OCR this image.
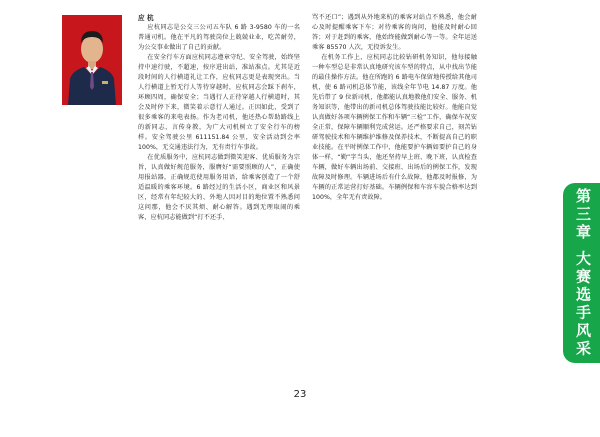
应 杭

应杭同志是公交三公司五车队 6 路 3-9580 车的一名普通司机。他在平凡的驾驶岗位上兢兢业业，吃苦耐劳，为公交事业做出了自己的贡献。

在安全行车方面应杭同志遵章守纪、安全驾驶，始终坚持中速行驶，不超速，按序进出站，准站准点。尤其是近段时间的人行横道礼让工作，应杭同志更是表现突出。当人行横道上暂无行人等待穿越时，应杭同志会踩下刹车，环顾四周，确保安全；当遇行人正待穿越人行横道时，其会及时停下来，微笑着示意行人通过。正因如此，受到了很多乘客的来电表扬。作为老司机，他还热心帮助路线上的新同志，言传身教，为广大司机树立了安全行车的榜样。安全驾驶公里 611151.84 公里，安全活动到会率 100%，无交通违法行为，无有责行车事故。

在优质服务中，应杭同志做到微笑迎客、优质服务为宗旨，认真做好规范服务，服膺好“需要照顾的人”，正确使用报站器，正确规范使用服务用语，给乘客创造了一个舒适温暖的乘客环境。6 路经过的生活小区，商业区和风景区，经常有年纪较大的、外地人因对目的地位置不熟悉问这问那，他会不厌其烦、耐心解答。遇到无理取闹的乘客，应杭同志能做到“打不还手、

骂不还口”；遇到从外地来杭的乘客对站点不熟悉，他会耐心及时提醒乘客下车；对待乘客的询问，他能及时耐心回答；对于赶到的乘客，他始终能做到耐心等一等。全年运送乘客 85570 人次，无投诉发生。

在机务工作上，应杭同志比较钻研机务知识，他每接触一种车型总是非常认真地研究该车型的特点，从中找出节能的最佳操作方法。他在所跑的 6 路电车保留地传授给其他司机，使 6 路司机总体节能，该线全年节电 14.87 万度。他先后带了 9 位新司机，他都能认真地教他们安全、服务、机务知识等，他带出的新司机总体驾驶技能比较好。他能自觉认真做好各项车辆例保工作和车辆“三检”工作，确保车况安全正常，保障车辆顺利完成营运。还严格要求自己，刻苦钻研驾驶技术和车辆维护维修及保养技术，不断提高自己的职业技能。在平时例保工作中，他能要护车辆如要护自己的身体一样，“勤”字当头，他还坚持早上班、晚下班，认真检查车辆，做好车辆出场前、交接班、出场后的例保工作，发现故障及时修理。车辆进场后有什么故障，他都及时报修，为车辆的正常运营打好基础。车辆例保和车容车貌合格率达到 100%，全年无有责故障。

23
第三章 大赛选手风采
